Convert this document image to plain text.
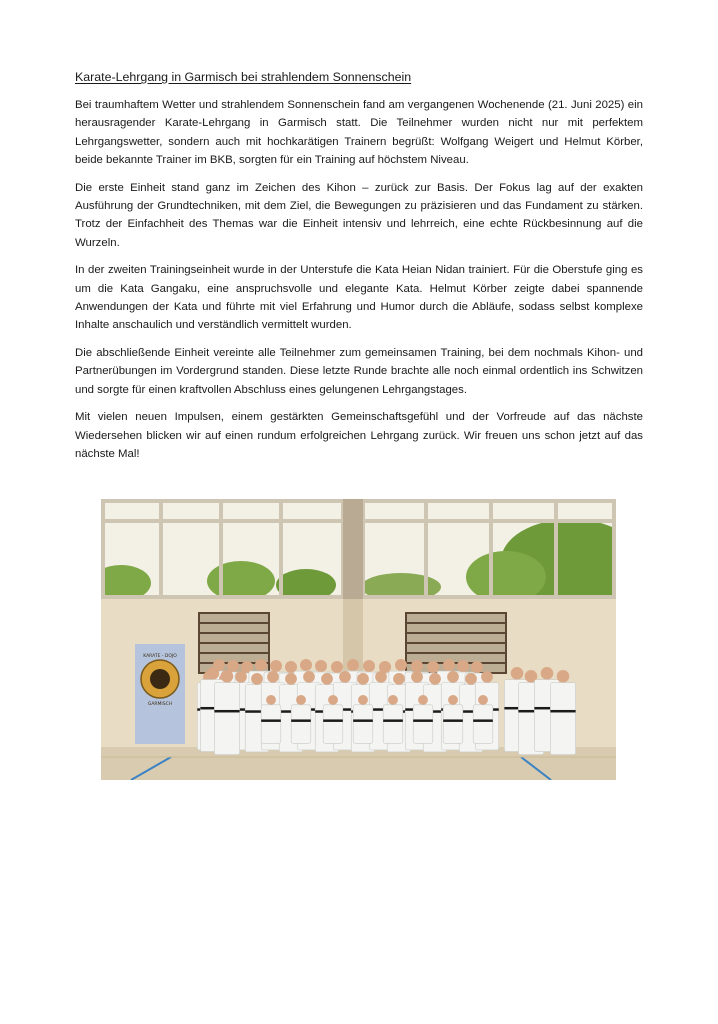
Karate-Lehrgang in Garmisch bei strahlendem Sonnenschein

Bei traumhaftem Wetter und strahlendem Sonnenschein fand am vergangenen Wochenende (21. Juni 2025) ein herausragender Karate-Lehrgang in Garmisch statt. Die Teilnehmer wurden nicht nur mit perfektem Lehrgangswetter, sondern auch mit hochkarätigen Trainern begrüßt: Wolfgang Weigert und Helmut Körber, beide bekannte Trainer im BKB, sorgten für ein Training auf höchstem Niveau.

Die erste Einheit stand ganz im Zeichen des Kihon – zurück zur Basis. Der Fokus lag auf der exakten Ausführung der Grundtechniken, mit dem Ziel, die Bewegungen zu präzisieren und das Fundament zu stärken. Trotz der Einfachheit des Themas war die Einheit intensiv und lehrreich, eine echte Rückbesinnung auf die Wurzeln.

In der zweiten Trainingseinheit wurde in der Unterstufe die Kata Heian Nidan trainiert. Für die Oberstufe ging es um die Kata Gangaku, eine anspruchsvolle und elegante Kata. Helmut Körber zeigte dabei spannende Anwendungen der Kata und führte mit viel Erfahrung und Humor durch die Abläufe, sodass selbst komplexe Inhalte anschaulich und verständlich vermittelt wurden.

Die abschließende Einheit vereinte alle Teilnehmer zum gemeinsamen Training, bei dem nochmals Kihon- und Partnerübungen im Vordergrund standen. Diese letzte Runde brachte alle noch einmal ordentlich ins Schwitzen und sorgte für einen kraftvollen Abschluss eines gelungenen Lehrgangstages.

Mit vielen neuen Impulsen, einem gestärkten Gemeinschaftsgefühl und der Vorfreude auf das nächste Wiedersehen blicken wir auf einen rundum erfolgreichen Lehrgang zurück. Wir freuen uns schon jetzt auf das nächste Mal!

KARATE - DOJO
GARMISCH
